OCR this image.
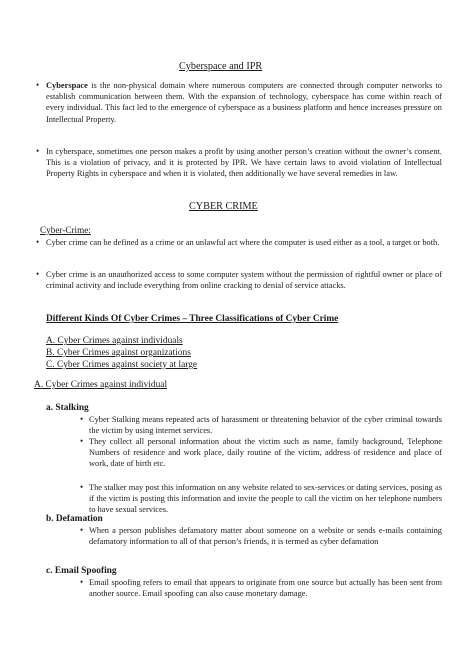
Cyberspace and IPR
• Cyberspace is the non-physical domain where numerous computers are connected through computer networks to establish communication between them. With the expansion of technology, cyberspace has come within reach of every individual. This fact led to the emergence of cyberspace as a business platform and hence increases pressure on Intellectual Property.
• In cyberspace, sometimes one person makes a profit by using another person’s creation without the owner’s consent. This is a violation of privacy, and it is protected by IPR. We have certain laws to avoid violation of Intellectual Property Rights in cyberspace and when it is violated, then additionally we have several remedies in law.
CYBER CRIME
Cyber-Crime:
• Cyber crime can be defined as a crime or an unlawful act where the computer is used either as a tool, a target or both.
• Cyber crime is an unauthorized access to some computer system without the permission of rightful owner or place of criminal activity and include everything from online cracking to denial of service attacks.
Different Kinds Of Cyber Crimes – Three Classifications of Cyber Crime
A. Cyber Crimes against individuals
B. Cyber Crimes against organizations
C. Cyber Crimes against society at large
A. Cyber Crimes against individual
a. Stalking
• Cyber Stalking means repeated acts of harassment or threatening behavior of the cyber criminal towards the victim by using internet services.
• They collect all personal information about the victim such as name, family background, Telephone Numbers of residence and work place, daily routine of the victim, address of residence and place of work, date of birth etc.
• The stalker may post this information on any website related to sex-services or dating services, posing as if the victim is posting this information and invite the people to call the victim on her telephone numbers to have sexual services.
b. Defamation
• When a person publishes defamatory matter about someone on a website or sends e-mails containing defamatory information to all of that person’s friends, it is termed as cyber defamation
c. Email Spoofing
• Email spoofing refers to email that appears to originate from one source but actually has been sent from another source. Email spoofing can also cause monetary damage.
